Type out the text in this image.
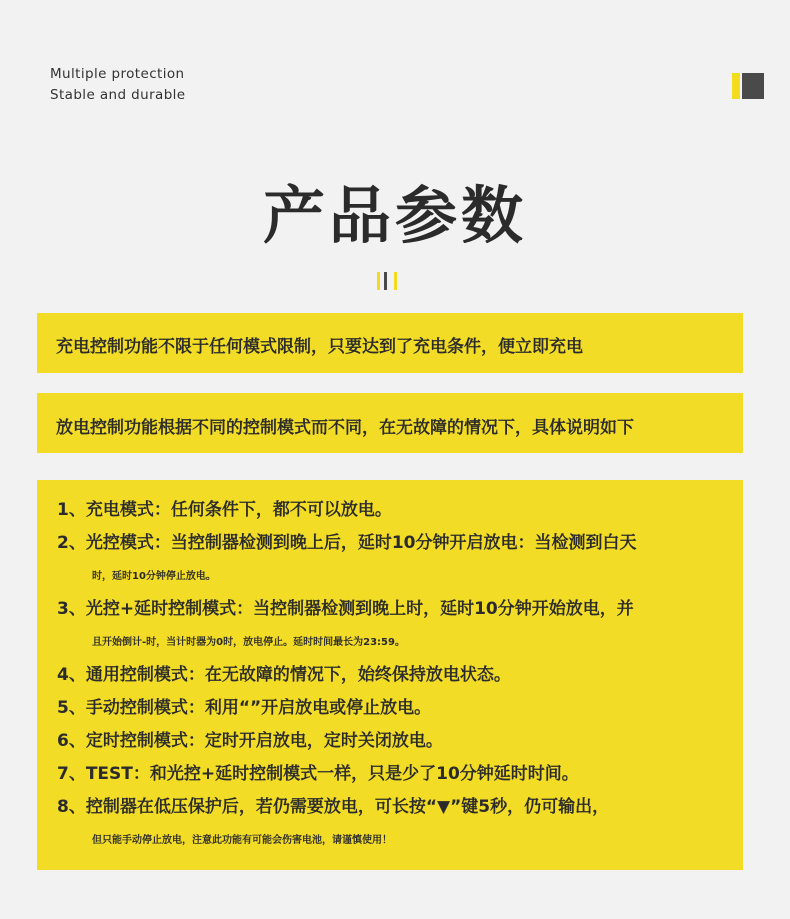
Multiple protection
Stable and durable
产品参数
充电控制功能不限于任何模式限制，只要达到了充电条件，便立即充电
放电控制功能根据不同的控制模式而不同，在无故障的情况下，具体说明如下
1、充电模式：任何条件下，都不可以放电。
2、光控模式：当控制器检测到晚上后，延时10分钟开启放电：当检测到白天
时，延时10分钟停止放电。
3、光控+延时控制模式：当控制器检测到晚上时，延时10分钟开始放电，并
且开始倒计-时，当计时器为0时，放电停止。延时时间最长为23:59。
4、通用控制模式：在无故障的情况下，始终保持放电状态。
5、手动控制模式：利用“”开启放电或停止放电。
6、定时控制模式：定时开启放电，定时关闭放电。
7、TEST：和光控+延时控制模式一样，只是少了10分钟延时时间。
8、控制器在低压保护后，若仍需要放电，可长按“▼”键5秒，仍可输出，
但只能手动停止放电，注意此功能有可能会伤害电池，请谨慎使用！
